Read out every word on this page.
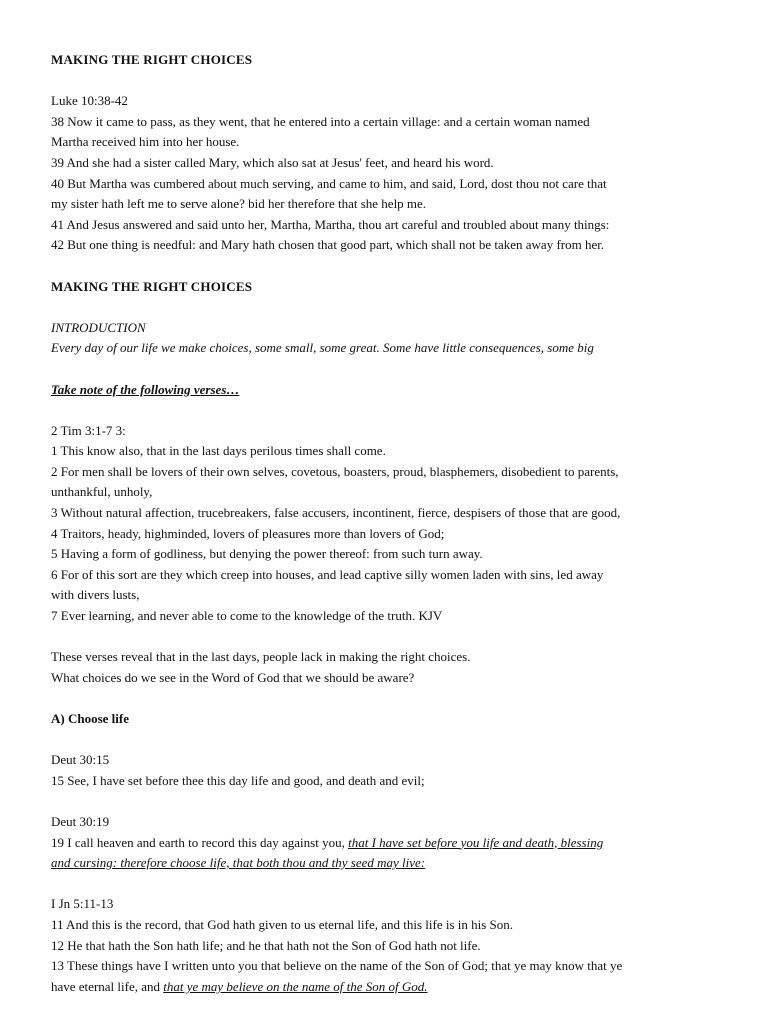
MAKING THE RIGHT CHOICES

Luke 10:38-42

38 Now it came to pass, as they went, that he entered into a certain village: and a certain woman named

Martha received him into her house.

39 And she had a sister called Mary, which also sat at Jesus' feet, and heard his word.

40 But Martha was cumbered about much serving, and came to him, and said, Lord, dost thou not care that

my sister hath left me to serve alone? bid her therefore that she help me.

41 And Jesus answered and said unto her, Martha, Martha, thou art careful and troubled about many things:

42 But one thing is needful: and Mary hath chosen that good part, which shall not be taken away from her.

MAKING THE RIGHT CHOICES

INTRODUCTION

Every day of our life we make choices, some small, some great. Some have little consequences, some big

Take note of the following verses…

2 Tim 3:1-7 3:

1 This know also, that in the last days perilous times shall come.

2 For men shall be lovers of their own selves, covetous, boasters, proud, blasphemers, disobedient to parents,

unthankful, unholy,

3 Without natural affection, trucebreakers, false accusers, incontinent, fierce, despisers of those that are good,

4 Traitors, heady, highminded, lovers of pleasures more than lovers of God;

5 Having a form of godliness, but denying the power thereof: from such turn away.

6 For of this sort are they which creep into houses, and lead captive silly women laden with sins, led away

with divers lusts,

7 Ever learning, and never able to come to the knowledge of the truth. KJV

These verses reveal that in the last days, people lack in making the right choices.

What choices do we see in the Word of God that we should be aware?

A) Choose life

Deut 30:15

15 See, I have set before thee this day life and good, and death and evil;

Deut 30:19

19 I call heaven and earth to record this day against you, that I have set before you life and death, blessing

and cursing: therefore choose life, that both thou and thy seed may live:

I Jn 5:11-13

11 And this is the record, that God hath given to us eternal life, and this life is in his Son.

12 He that hath the Son hath life; and he that hath not the Son of God hath not life.

13 These things have I written unto you that believe on the name of the Son of God; that ye may know that ye

have eternal life, and that ye may believe on the name of the Son of God.
